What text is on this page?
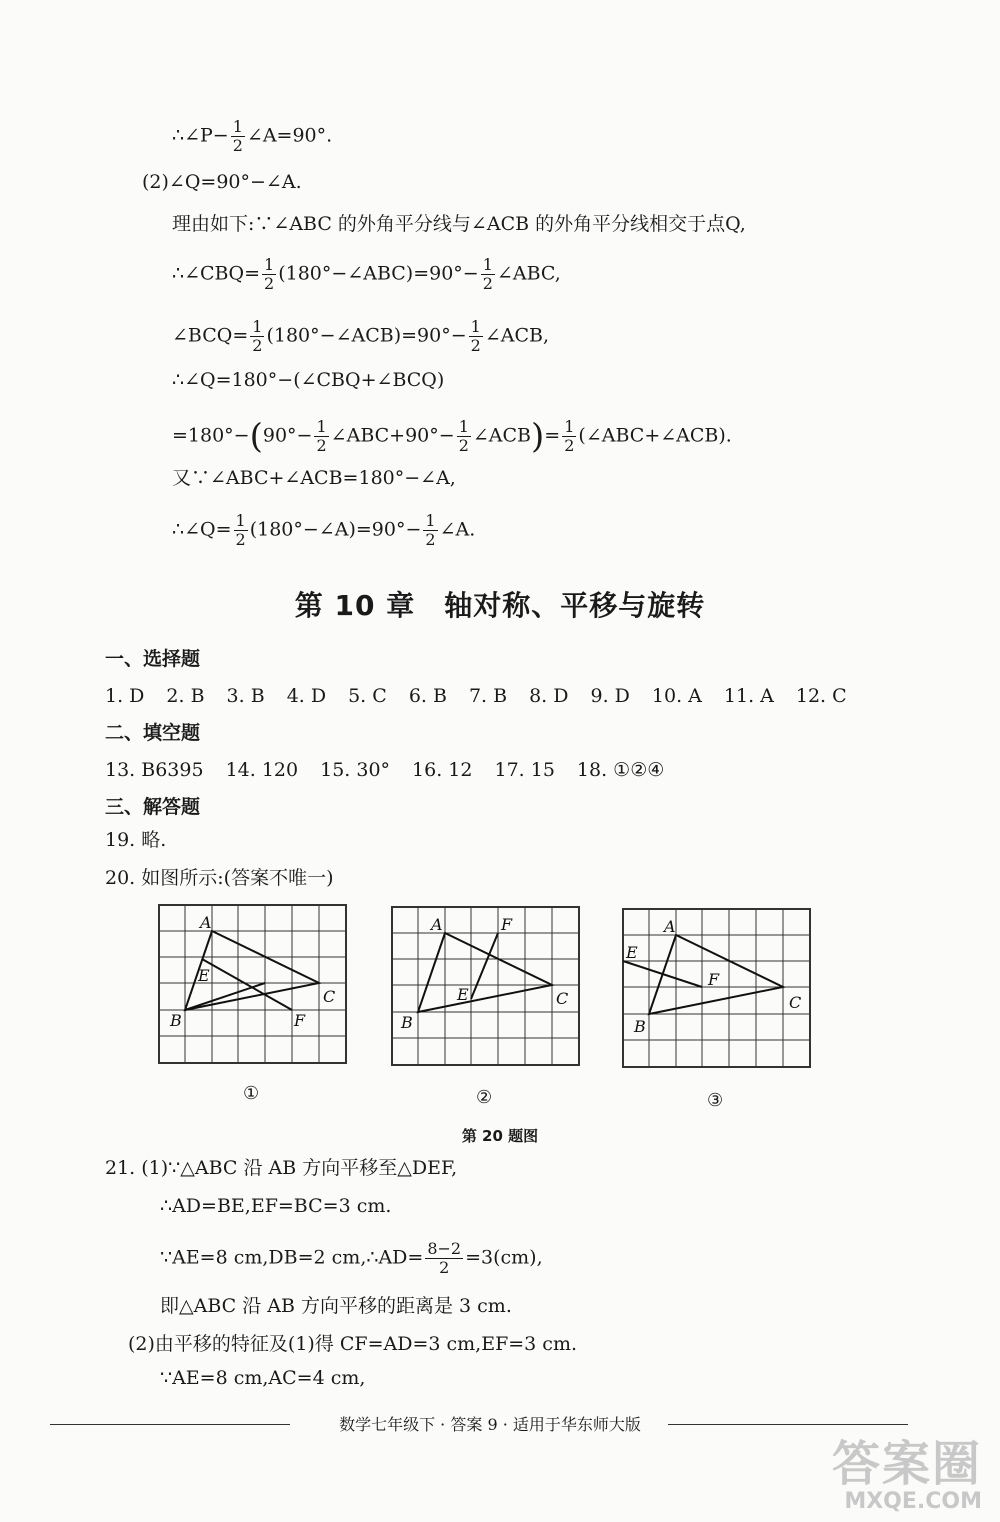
∴∠P− $\frac{1}{2}$ ∠A=90°.
(2)∠Q=90°−∠A.
理由如下:∵∠ABC 的外角平分线与∠ACB 的外角平分线相交于点Q,
∴∠CBQ= $\frac{1}{2}$ (180°−∠ABC)=90°− $\frac{1}{2}$ ∠ABC,
∠BCQ= $\frac{1}{2}$ (180°−∠ACB)=90°− $\frac{1}{2}$ ∠ACB,
∴∠Q=180°−(∠CBQ+∠BCQ)
$=180^\circ-(90^\circ- \frac{1}{2}$ ∠ABC+90°− $\frac{1}{2}$ ∠ACB)= $\frac{1}{2}$ (∠ABC+∠ACB).
又∵∠ABC+∠ACB=180°−∠A,
∴∠Q= $\frac{1}{2}$ (180°−∠A)=90°− $\frac{1}{2}$ ∠A.
第 10 章　轴对称、平移与旋转
一、选择题
1. D 2. B 3. B 4. D 5. C 6. B 7. B 8. D 9. D 10. A 11. A 12. C
二、填空题
13. B6395 14. 120 15. 30° 16. 12 17. 15 18. ①②④
三、解答题
19. 略.
20. 如图所示:(答案不唯一)
A
B
C
E
F
A
B
C
E
F	A
B
C
E
F
①	②	③
第 20 题图
21. (1)∵△ABC 沿 AB 方向平移至△DEF,
∴AD=BE,EF=BC=3 cm.
∵AE=8 cm,DB=2 cm,∴AD= $\frac{8-2}{2} =3(cm)$,
即△ABC 沿 AB 方向平移的距离是 3 cm.
(2)由平移的特征及(1)得 CF=AD=3 cm,EF=3 cm.
∵AE=8 cm,AC=4 cm,
数学七年级下 · 答案 9 · 适用于华东师大版
答案圈
MXQE.COM
